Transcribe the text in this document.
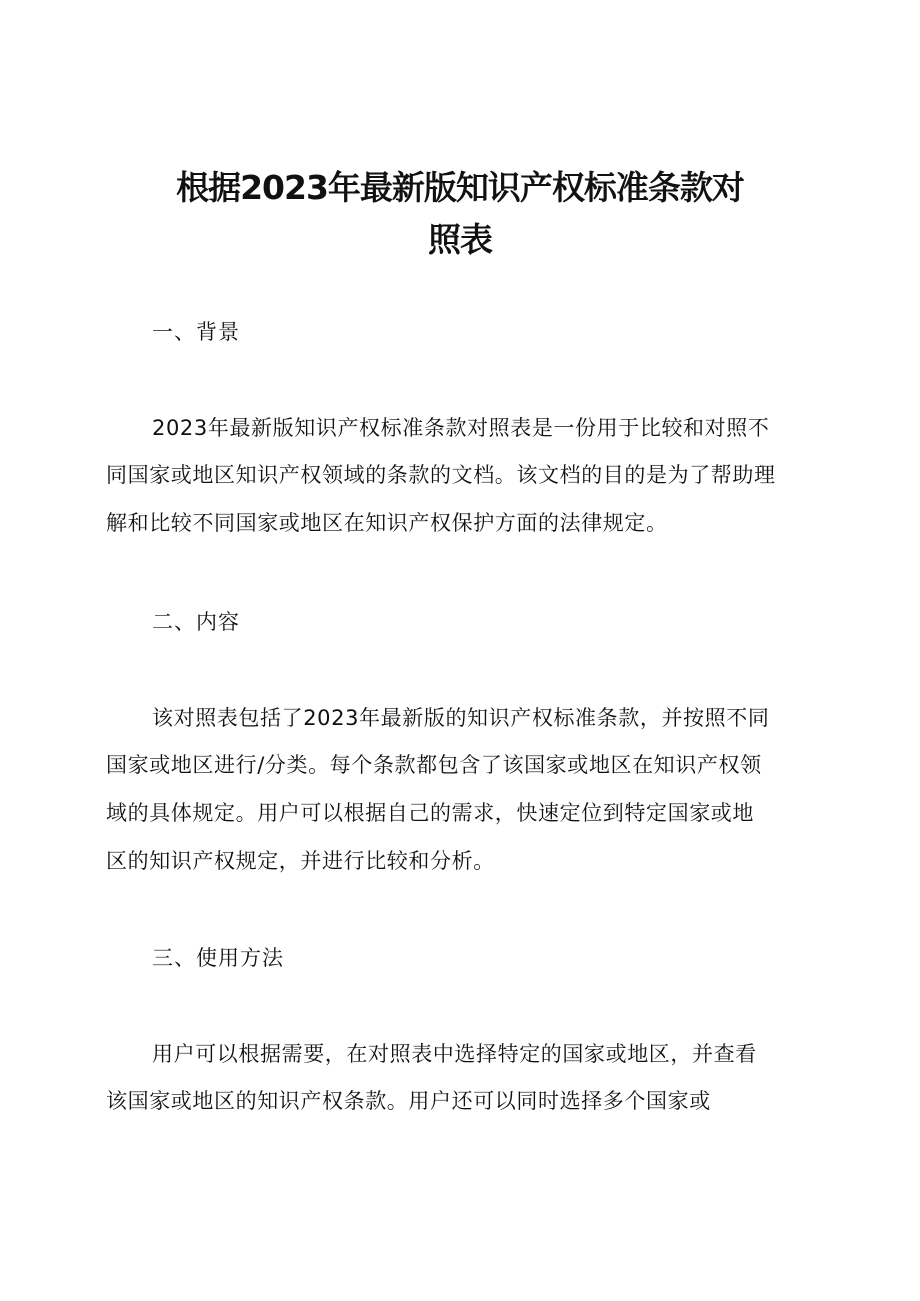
根据2023年最新版知识产权标准条款对
照表
一、背景
2023年最新版知识产权标准条款对照表是一份用于比较和对照不
同国家或地区知识产权领域的条款的文档。该文档的目的是为了帮助理
解和比较不同国家或地区在知识产权保护方面的法律规定。
二、内容
该对照表包括了2023年最新版的知识产权标准条款，并按照不同
国家或地区进行/分类。每个条款都包含了该国家或地区在知识产权领
域的具体规定。用户可以根据自己的需求，快速定位到特定国家或地
区的知识产权规定，并进行比较和分析。
三、使用方法
用户可以根据需要，在对照表中选择特定的国家或地区，并查看
该国家或地区的知识产权条款。用户还可以同时选择多个国家或
